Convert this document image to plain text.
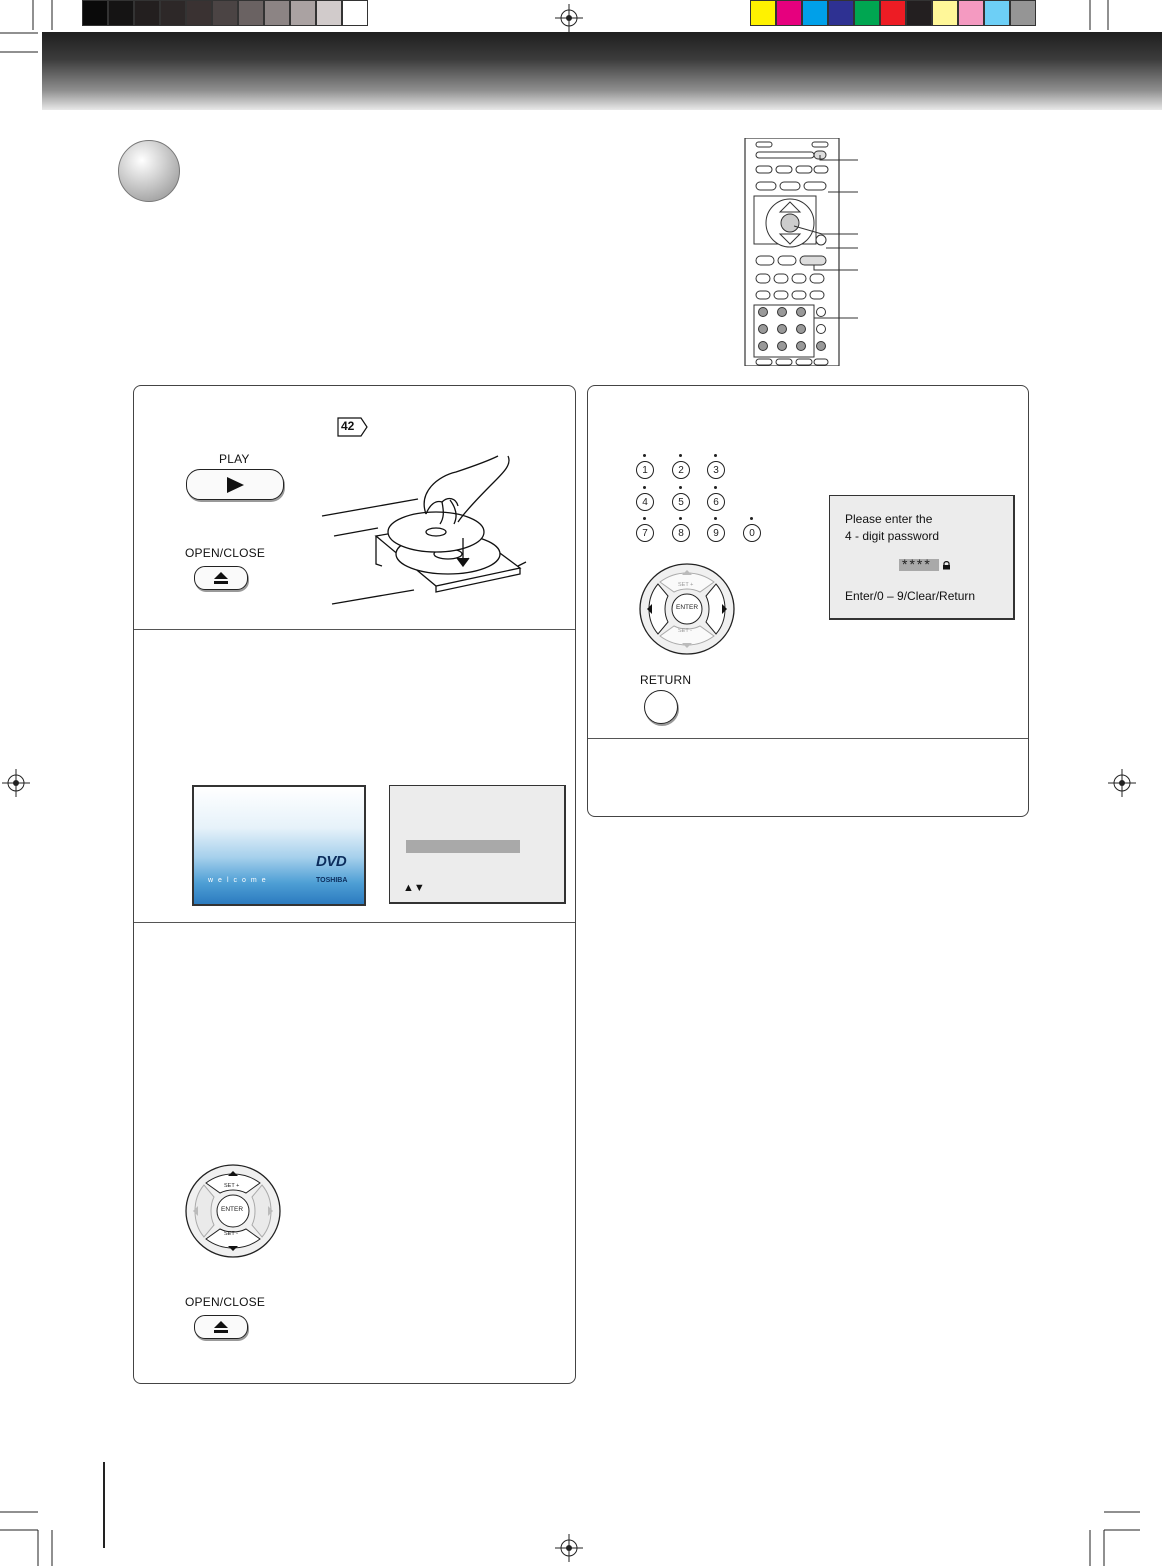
42
PLAY
OPEN/CLOSE
DVD
TOSHIBA
welcome
▲▼
ENTER
SET +
SET -
OPEN/CLOSE
1	2	3
4	5	6
7	8	9	0
ENTER
SET +
SET -
RETURN
Please enter the
4 - digit password
****
Enter/0 – 9/Clear/Return
